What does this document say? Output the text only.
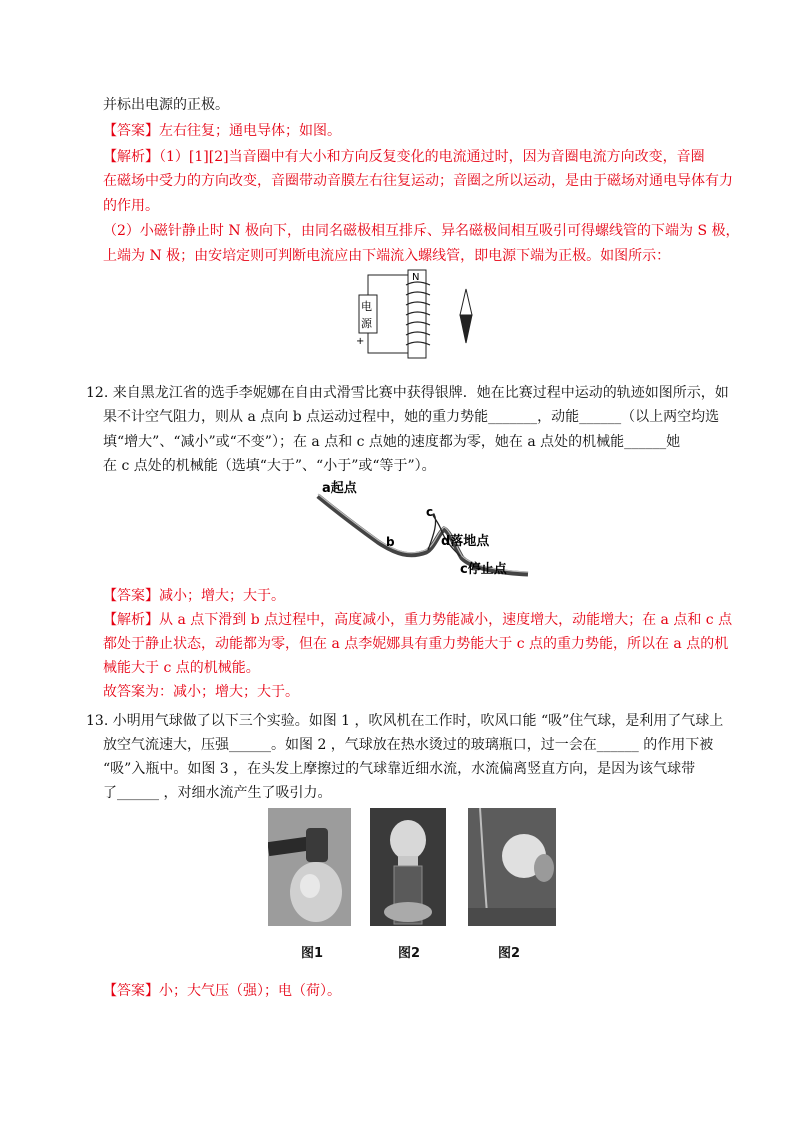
并标出电源的正极。
【答案】左右往复；通电导体；如图。
【解析】（1）[1][2]当音圈中有大小和方向反复变化的电流通过时，因为音圈电流方向改变，音圈
在磁场中受力的方向改变，音圈带动音膜左右往复运动；音圈之所以运动，是由于磁场对通电导体有力
的作用。
（2）小磁针静止时 N 极向下，由同名磁极相互排斥、异名磁极间相互吸引可得螺线管的下端为 S 极，
上端为 N 极；由安培定则可判断电流应由下端流入螺线管，即电源下端为正极。如图所示：
电
源
+
N
12. 来自黑龙江省的选手李妮娜在自由式滑雪比赛中获得银牌．她在比赛过程中运动的轨迹如图所示，如
果不计空气阻力，则从 a 点向 b 点运动过程中，她的重力势能_______，动能______（以上两空均选
填“增大”、“减小”或“不变”）；在 a 点和 c 点她的速度都为零，她在 a 点处的机械能______她
在 c 点处的机械能（选填“大于”、“小于”或“等于”）。
a起点
b
c
d落地点
c停止点
【答案】减小；增大；大于。
【解析】从 a 点下滑到 b 点过程中，高度减小，重力势能减小，速度增大，动能增大；在 a 点和 c 点
都处于静止状态，动能都为零，但在 a 点李妮娜具有重力势能大于 c 点的重力势能，所以在 a 点的机
械能大于 c 点的机械能。
故答案为：减小；增大；大于。
13. 小明用气球做了以下三个实验。如图 1 ，吹风机在工作时，吹风口能 “吸”住气球，是利用了气球上
放空气流速大，压强______。如图 2 ，气球放在热水烫过的玻璃瓶口，过一会在______ 的作用下被
“吸”入瓶中。如图 3 ，在头发上摩擦过的气球靠近细水流，水流偏离竖直方向，是因为该气球带
了______ ，对细水流产生了吸引力。
图1	图2	图2
【答案】小；大气压（强）；电（荷）。
